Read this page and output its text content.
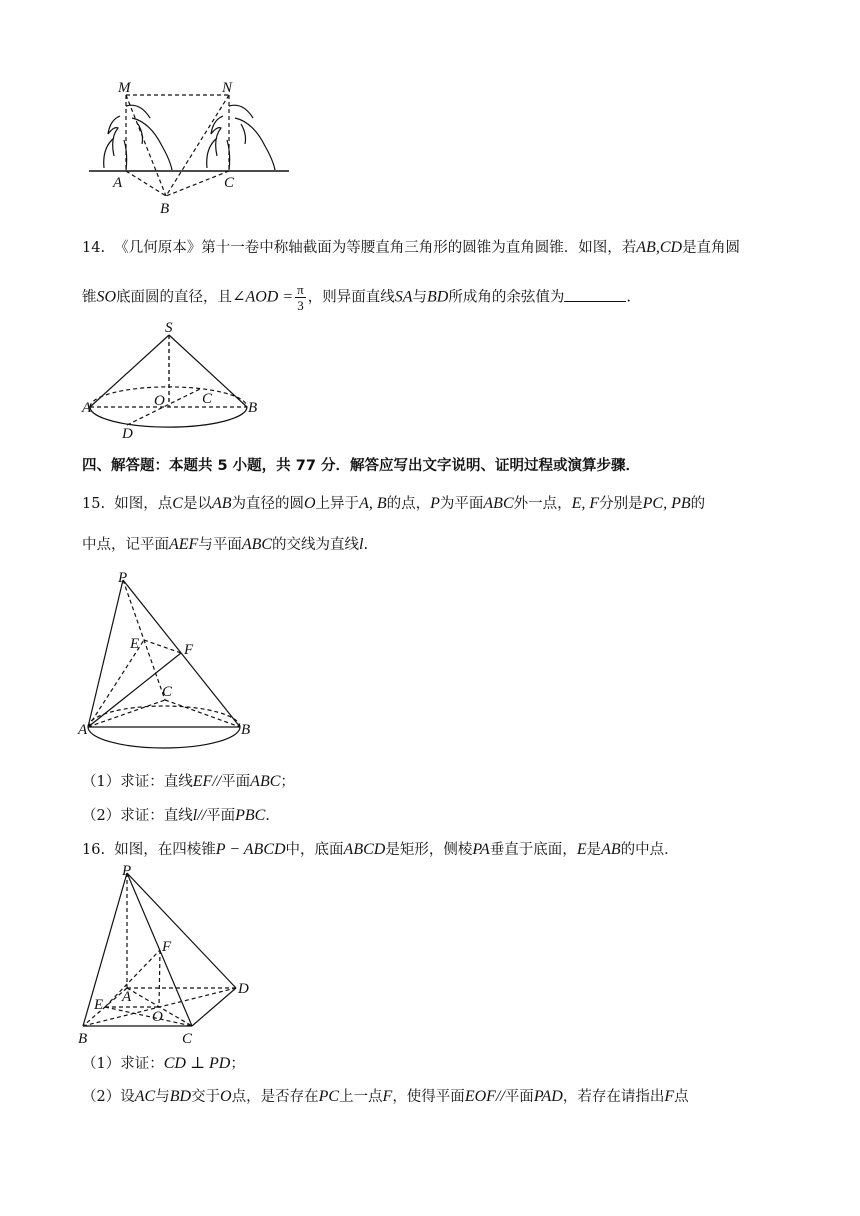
M	N
A	C
B
14. 《几何原本》第十一卷中称轴截面为等腰直角三角形的圆锥为直角圆锥．如图，若AB,CD是直角圆
锥SO底面圆的直径，且∠AOD = $\frac{\pi}{3}$ ，则异面直线SA与BD所成角的余弦值为	.
S
A	O C
B
D
四、解答题：本题共 5 小题，共 77 分．解答应写出文字说明、证明过程或演算步骤．
15. 如图，点C是以AB为直径的圆O上异于A, B的点，P为平面ABC外一点，E, F分别是PC, PB的
中点，记平面AEF与平面ABC的交线为直线l.
P
E	F
C
A	B
（1）求证：直线EF//平面ABC；
（2）求证：直线l//平面PBC.
16. 如图，在四棱锥P − ABCD中，底面ABCD是矩形，侧棱PA垂直于底面，E是AB的中点．
P
F
A	D
E
O
B	C
（1）求证：CD ⊥ PD；
（2）设AC与BD交于O点，是否存在PC上一点F，使得平面EOF//平面PAD，若存在请指出F点
